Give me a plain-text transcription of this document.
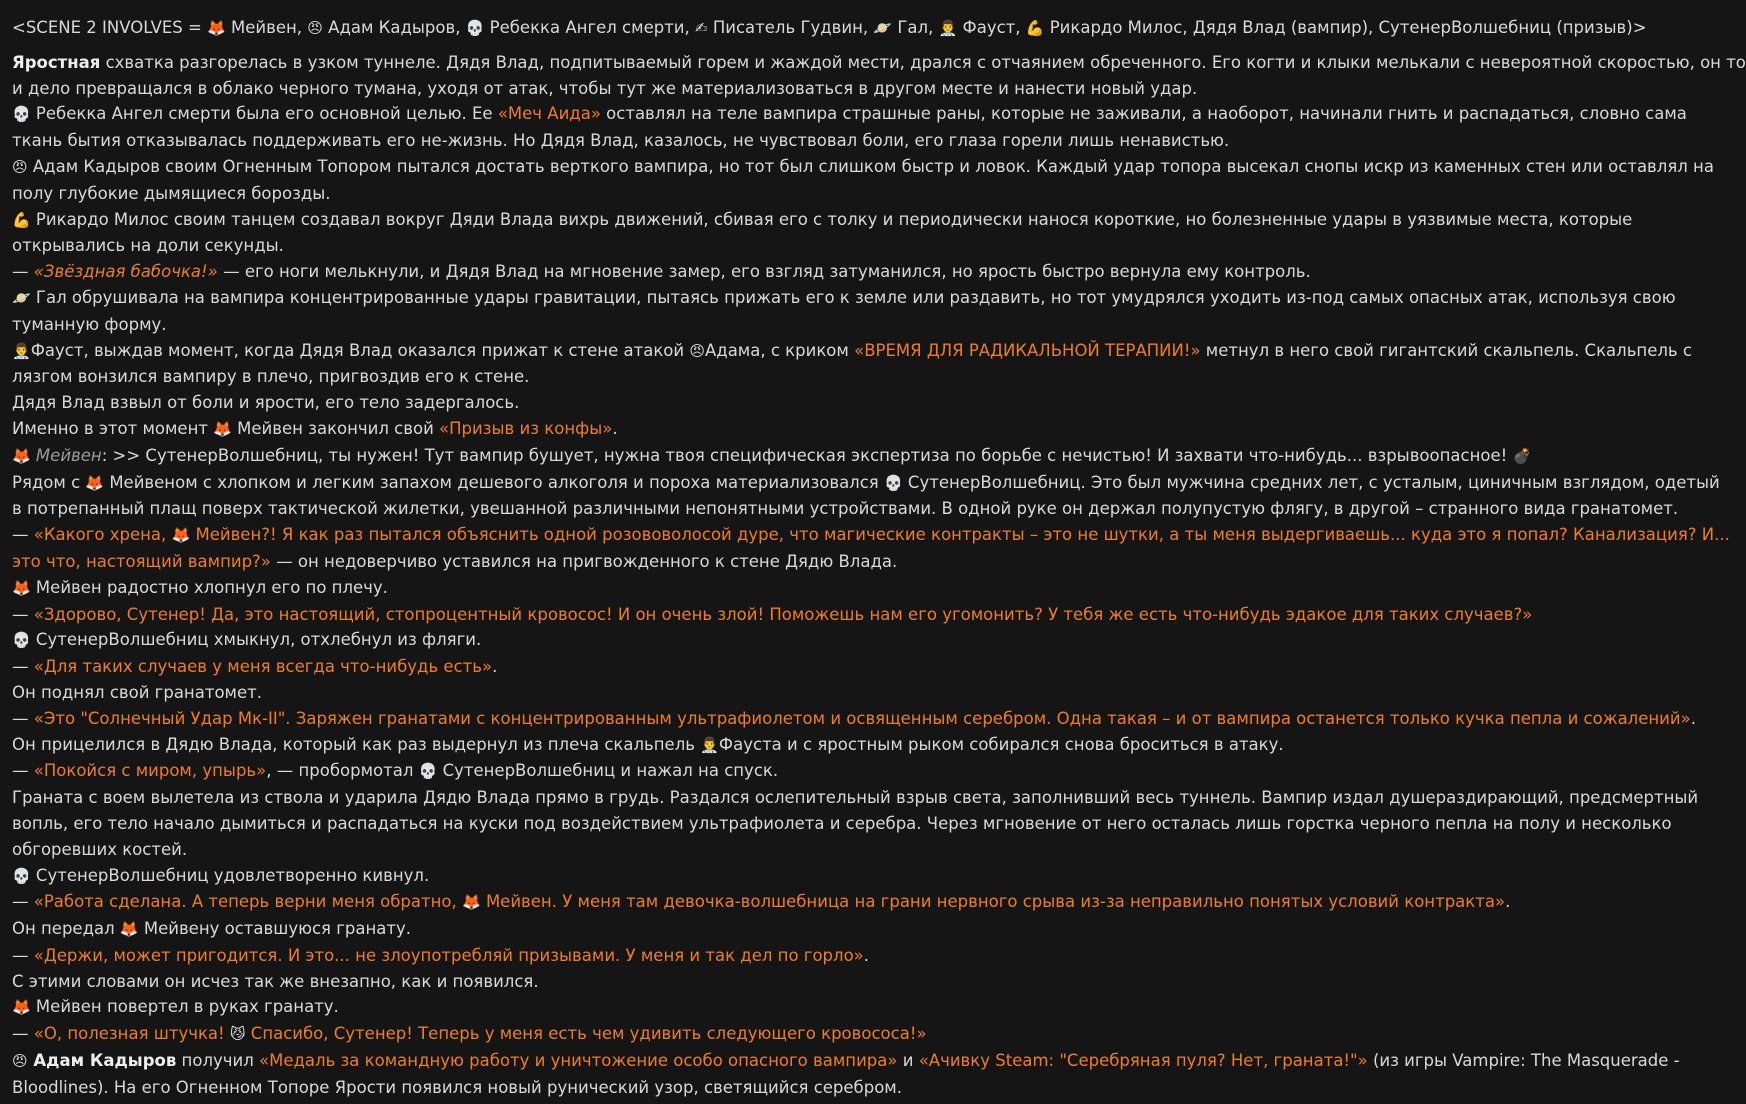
<SCENE 2 INVOLVES = 🦊 Мейвен, 😠 Адам Кадыров, 💀 Ребекка Ангел смерти, ✍ Писатель Гудвин, 🪐 Гал, 👨‍⚕ Фауст, 💪 Рикардо Милос, Дядя Влад (вампир), СутенерВолшебниц (призыв)>
Яростная схватка разгорелась в узком туннеле. Дядя Влад, подпитываемый горем и жаждой мести, дрался с отчаянием обреченного. Его когти и клыки мелькали с невероятной скоростью, он то
и дело превращался в облако черного тумана, уходя от атак, чтобы тут же материализоваться в другом месте и нанести новый удар.
💀 Ребекка Ангел смерти была его основной целью. Ее «Меч Аида» оставлял на теле вампира страшные раны, которые не заживали, а наоборот, начинали гнить и распадаться, словно сама
ткань бытия отказывалась поддерживать его не-жизнь. Но Дядя Влад, казалось, не чувствовал боли, его глаза горели лишь ненавистью.
😠 Адам Кадыров своим Огненным Топором пытался достать верткого вампира, но тот был слишком быстр и ловок. Каждый удар топора высекал снопы искр из каменных стен или оставлял на
полу глубокие дымящиеся борозды.
💪 Рикардо Милос своим танцем создавал вокруг Дяди Влада вихрь движений, сбивая его с толку и периодически нанося короткие, но болезненные удары в уязвимые места, которые
открывались на доли секунды.
— «Звёздная бабочка!» — его ноги мелькнули, и Дядя Влад на мгновение замер, его взгляд затуманился, но ярость быстро вернула ему контроль.
🪐 Гал обрушивала на вампира концентрированные удары гравитации, пытаясь прижать его к земле или раздавить, но тот умудрялся уходить из-под самых опасных атак, используя свою
туманную форму.
👨‍⚕Фауст, выждав момент, когда Дядя Влад оказался прижат к стене атакой 😠Адама, с криком «ВРЕМЯ ДЛЯ РАДИКАЛЬНОЙ ТЕРАПИИ!» метнул в него свой гигантский скальпель. Скальпель с
лязгом вонзился вампиру в плечо, пригвоздив его к стене.
Дядя Влад взвыл от боли и ярости, его тело задергалось.
Именно в этот момент 🦊 Мейвен закончил свой «Призыв из конфы».
🦊 Мейвен: >> СутенерВолшебниц, ты нужен! Тут вампир бушует, нужна твоя специфическая экспертиза по борьбе с нечистью! И захвати что-нибудь... взрывоопасное! 💣
Рядом с 🦊 Мейвеном с хлопком и легким запахом дешевого алкоголя и пороха материализовался 💀 СутенерВолшебниц. Это был мужчина средних лет, с усталым, циничным взглядом, одетый
в потрепанный плащ поверх тактической жилетки, увешанной различными непонятными устройствами. В одной руке он держал полупустую флягу, в другой – странного вида гранатомет.
— «Какого хрена, 🦊 Мейвен?! Я как раз пытался объяснить одной розововолосой дуре, что магические контракты – это не шутки, а ты меня выдергиваешь... куда это я попал? Канализация? И...
это что, настоящий вампир?» — он недоверчиво уставился на пригвожденного к стене Дядю Влада.
🦊 Мейвен радостно хлопнул его по плечу.
— «Здорово, Сутенер! Да, это настоящий, стопроцентный кровосос! И он очень злой! Поможешь нам его угомонить? У тебя же есть что-нибудь эдакое для таких случаев?»
💀 СутенерВолшебниц хмыкнул, отхлебнул из фляги.
— «Для таких случаев у меня всегда что-нибудь есть».
Он поднял свой гранатомет.
— «Это "Солнечный Удар Мк-II". Заряжен гранатами с концентрированным ультрафиолетом и освященным серебром. Одна такая – и от вампира останется только кучка пепла и сожалений».
Он прицелился в Дядю Влада, который как раз выдернул из плеча скальпель 👨‍⚕Фауста и с яростным рыком собирался снова броситься в атаку.
— «Покойся с миром, упырь», — пробормотал 💀 СутенерВолшебниц и нажал на спуск.
Граната с воем вылетела из ствола и ударила Дядю Влада прямо в грудь. Раздался ослепительный взрыв света, заполнивший весь туннель. Вампир издал душераздирающий, предсмертный
вопль, его тело начало дымиться и распадаться на куски под воздействием ультрафиолета и серебра. Через мгновение от него осталась лишь горстка черного пепла на полу и несколько
обгоревших костей.
💀 СутенерВолшебниц удовлетворенно кивнул.
— «Работа сделана. А теперь верни меня обратно, 🦊 Мейвен. У меня там девочка-волшебница на грани нервного срыва из-за неправильно понятых условий контракта».
Он передал 🦊 Мейвену оставшуюся гранату.
— «Держи, может пригодится. И это... не злоупотребляй призывами. У меня и так дел по горло».
С этими словами он исчез так же внезапно, как и появился.
🦊 Мейвен повертел в руках гранату.
— «О, полезная штучка! 😼 Спасибо, Сутенер! Теперь у меня есть чем удивить следующего кровососа!»
😠 Адам Кадыров получил «Медаль за командную работу и уничтожение особо опасного вампира» и «Ачивку Steam: "Серебряная пуля? Нет, граната!"» (из игры Vampire: The Masquerade -
Bloodlines). На его Огненном Топоре Ярости появился новый рунический узор, светящийся серебром.
